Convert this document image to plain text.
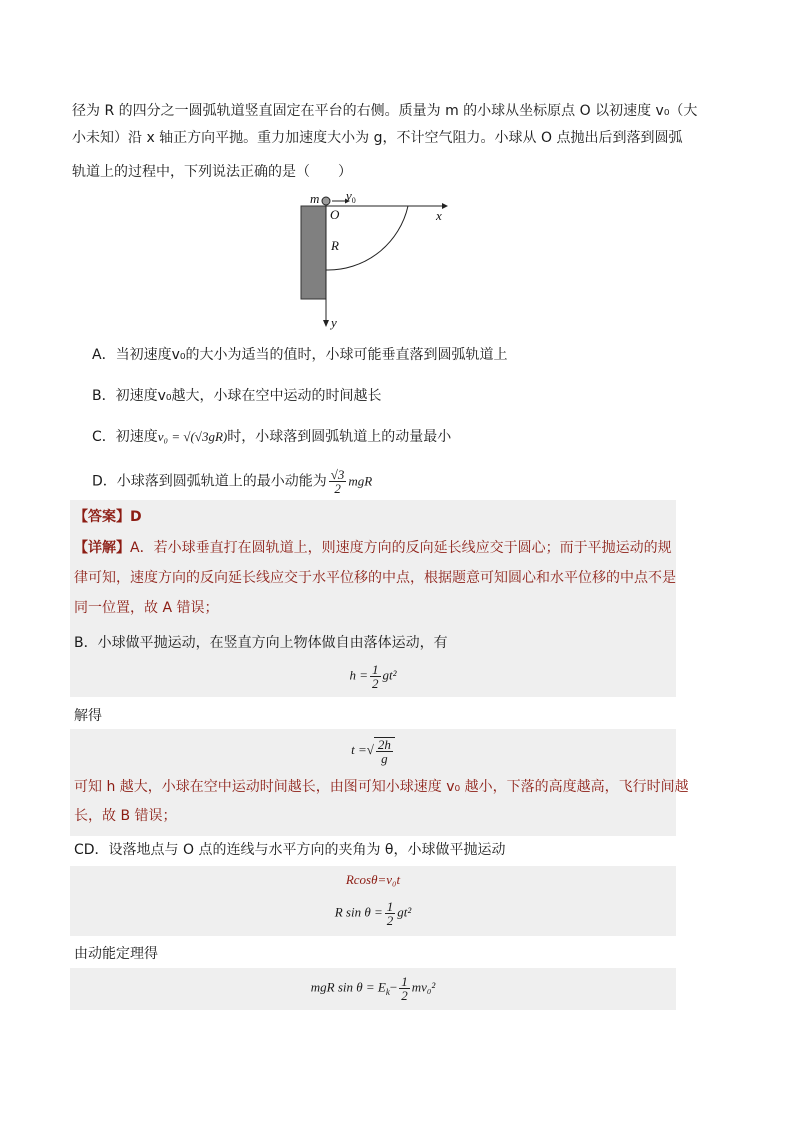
径为 R 的四分之一圆弧轨道竖直固定在平台的右侧。质量为 m 的小球从坐标原点 O 以初速度 v₀（大
小未知）沿 x 轴正方向平抛。重力加速度大小为 g，不计空气阻力。小球从 O 点抛出后到落到圆弧
轨道上的过程中，下列说法正确的是（　　）
m $v_0$
O	x
R
y
A．当初速度v₀的大小为适当的值时，小球可能垂直落到圆弧轨道上
B．初速度v₀越大，小球在空中运动的时间越长
C．初速度v₀ = √(√3gR)时，小球落到圆弧轨道上的动量最小
D．小球落到圆弧轨道上的最小动能为 $\frac{√3}{2}$ mgR
【答案】D
【详解】A．若小球垂直打在圆轨道上，则速度方向的反向延长线应交于圆心；而于平抛运动的规
律可知，速度方向的反向延长线应交于水平位移的中点，根据题意可知圆心和水平位移的中点不是
同一位置，故 A 错误；
B．小球做平抛运动，在竖直方向上物体做自由落体运动，有
$h = \frac{1}{2} gt^2$
解得
t =√ $\frac{2h}{g}$
可知 h 越大，小球在空中运动时间越长，由图可知小球速度 v₀ 越小，下落的高度越高，飞行时间越
长，故 B 错误；
CD．设落地点与 O 点的连线与水平方向的夹角为 θ，小球做平抛运动
Rcosθ=v₀t
R $\sin \theta = \frac{1}{2} gt^2$
由动能定理得
mgR $\sin \theta = E_k- \frac{1}{2} mv_0^2$
